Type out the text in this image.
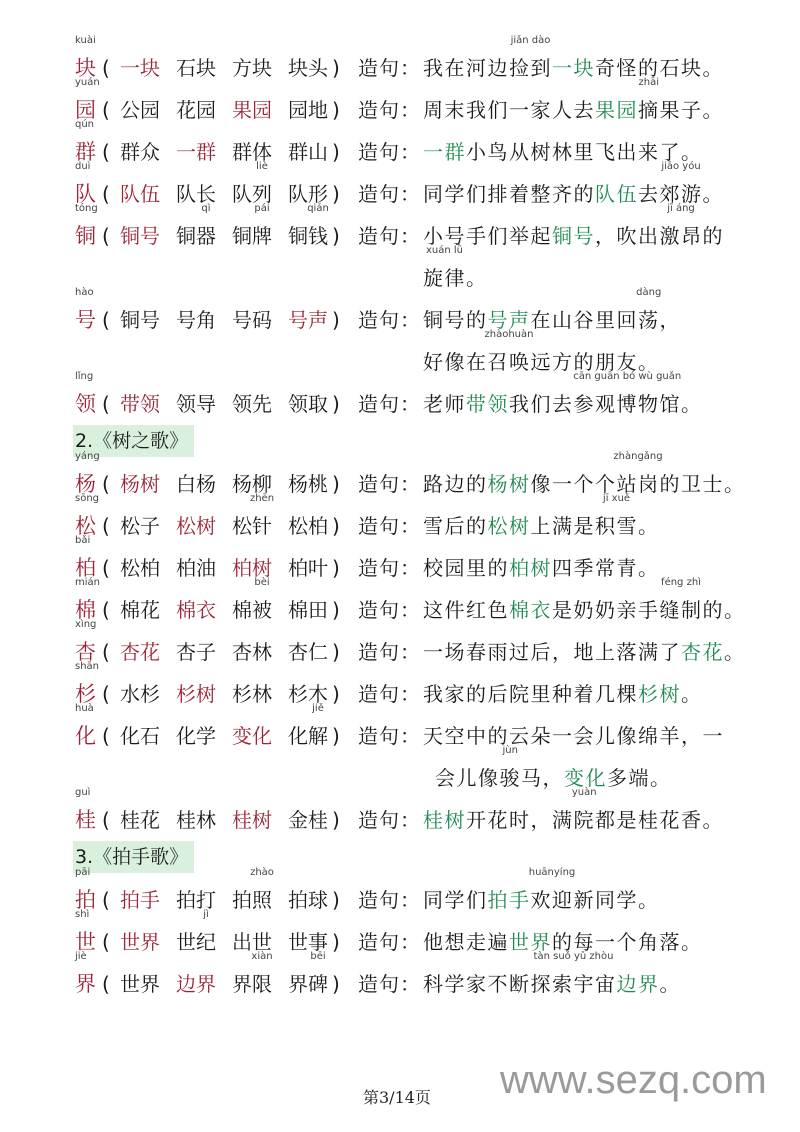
kuài
块 ( 一块 石块 方块 块头 ) 造句： 我在河边
jiǎn dào
捡到一块奇怪的石块。
yuán
园 ( 公园 花园 果园 园地 ) 造句： 周末我们一家人去果园
zhāi
摘果子。
qún
群 ( 群众 一群 群体 群山 ) 造句： 一群小鸟从树林里飞出来了。
duì
队 ( 队伍 队长 队
liè
列 队形 ) 造句： 同学们排着整齐的队伍去
jiāo yóu
郊游。
tóng
铜 ( 铜号 铜
qì
器 铜
pái
牌 铜
qián
钱 ) 造句： 小号手们举起铜号，吹出
jī áng
激昂的
xuán lǜ
旋律。
hào
号 ( 铜号 号角 号码 号声 ) 造句： 铜号的号声在山谷里回
dàng
荡，
好像在
zhàohuàn
召唤远方的朋友。
lǐng
领 ( 带领 领导 领先 领取 ) 造句： 老师带领我们去
cān guān bó wù guǎn
参观博物馆。
2.《树之歌》
yáng
杨 ( 杨树 白杨 杨柳 杨桃 ) 造句： 路边的杨树像一个个
zhàngǎng
站岗的卫士。
sōng
松 ( 松子 松树 松
zhēn
针 松柏 ) 造句： 雪后的松树上满是
jī xuě
积雪。
bǎi
柏 ( 松柏 柏油 柏树 柏叶 ) 造句： 校园里的柏树四季常青。
mián
棉 ( 棉花 棉衣 棉
bèi
被 棉田 ) 造句： 这件红色棉衣是奶奶亲手
féng zhì
缝制的。
xìng
杏 ( 杏花 杏子 杏林 杏仁 ) 造句： 一场春雨过后，地上落满了杏花。
shān
杉 ( 水杉 杉树 杉林 杉木 ) 造句： 我家的后院里种着几棵杉树。
huà
化 ( 化石 化学 变化 化
jiě
解 ) 造句： 天空中的云朵一会儿像绵羊，一
会儿像
jùn
骏马，变化多端。
guì
桂 ( 桂花 桂林 桂树 金桂 ) 造句： 桂树开花时，满
yuàn
院都是桂花香。
3.《拍手歌》
pāi
拍 ( 拍手 拍打 拍
zhào
照 拍球 ) 造句： 同学们拍手
huānyíng
欢迎新同学。
shì
世 ( 世界 世
jì
纪 出世 世事 ) 造句： 他想走遍世界的每一个角落。
jiè
界 ( 世界 边界 界
xiàn
限 界
bēi
碑 ) 造句： 科学家不断
tàn suǒ yǔ zhòu
探索宇宙边界。
第3/14页 www.sezq.com
